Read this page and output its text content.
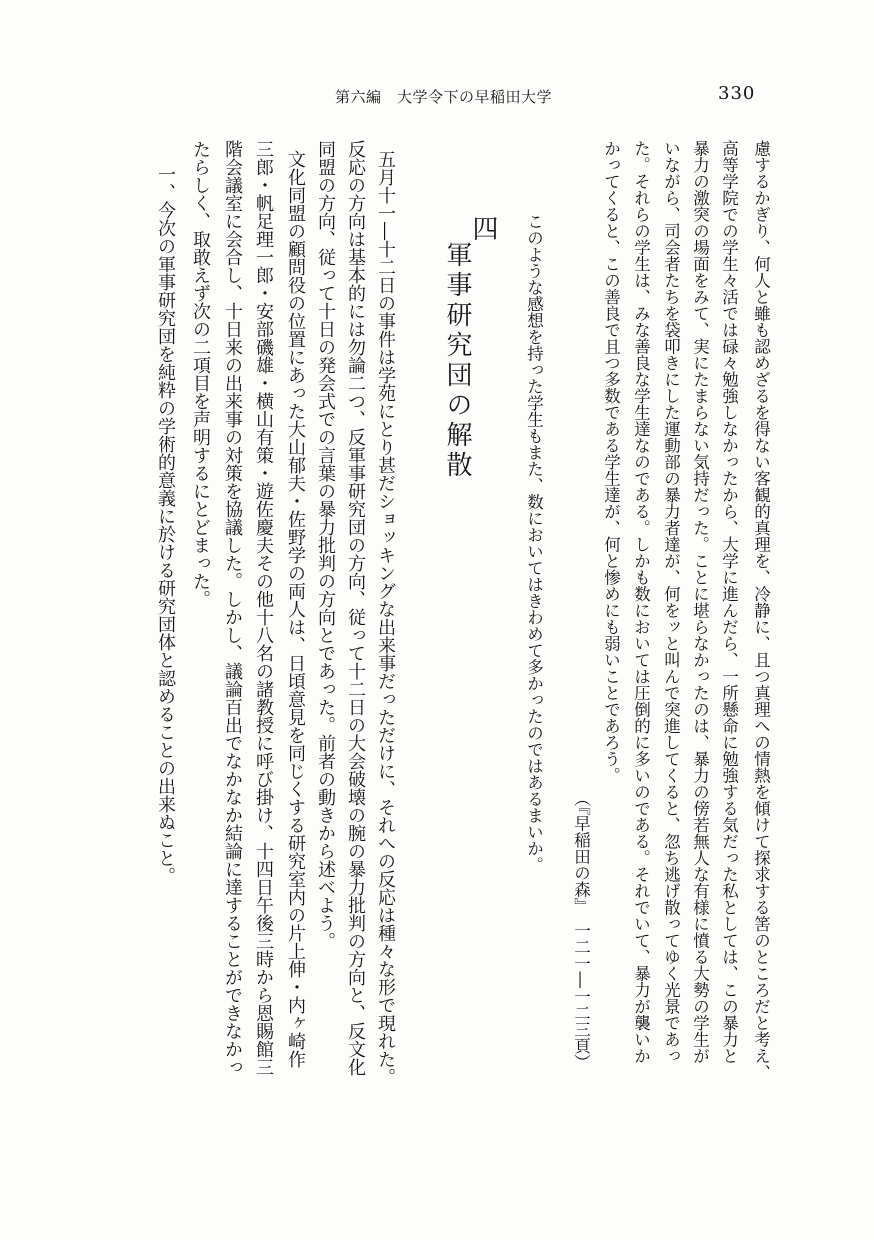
第六編　大学令下の早稲田大学	330
慮するかぎり、何人と雖も認めざるを得ない客観的真理を、冷静に、且つ真理への情熱を傾けて探求する筈のところだと考え、
高等学院での学生々活では碌々勉強しなかったから、大学に進んだら、一所懸命に勉強する気だった私としては、この暴力と
暴力の激突の場面をみて、実にたまらない気持だった。ことに堪らなかったのは、暴力の傍若無人な有様に憤る大勢の学生が
いながら、司会者たちを袋叩きにした運動部の暴力者達が、何をッと叫んで突進してくると、忽ち逃げ散ってゆく光景であっ
た。それらの学生は、みな善良な学生達なのである。しかも数においては圧倒的に多いのである。それでいて、暴力が襲いか
かってくると、この善良で且つ多数である学生達が、何と惨めにも弱いことであろう。
（『早稲田の森』　一二一―一二三頁）
このような感想を持った学生もまた、数においてはきわめて多かったのではあるまいか。
四
軍事研究団の解散
五月十一―十二日の事件は学苑にとり甚だショッキングな出来事だっただけに、それへの反応は種々な形で現れた。
反応の方向は基本的には勿論二つ、反軍事研究団の方向、従って十二日の大会破壊の腕の暴力批判の方向と、反文化
同盟の方向、従って十日の発会式での言葉の暴力批判の方向とであった。前者の動きから述べよう。
文化同盟の顧問役の位置にあった大山郁夫・佐野学の両人は、日頃意見を同じくする研究室内の片上伸・内ヶ崎作
三郎・帆足理一郎・安部磯雄・横山有策・遊佐慶夫その他十八名の諸教授に呼び掛け、十四日午後三時から恩賜館三
階会議室に会合し、十日来の出来事の対策を協議した。しかし、議論百出でなかなか結論に達することができなかっ
たらしく、取敢えず次の二項目を声明するにとどまった。
一、今次の軍事研究団を純粋の学術的意義に於ける研究団体と認めることの出来ぬこと。
